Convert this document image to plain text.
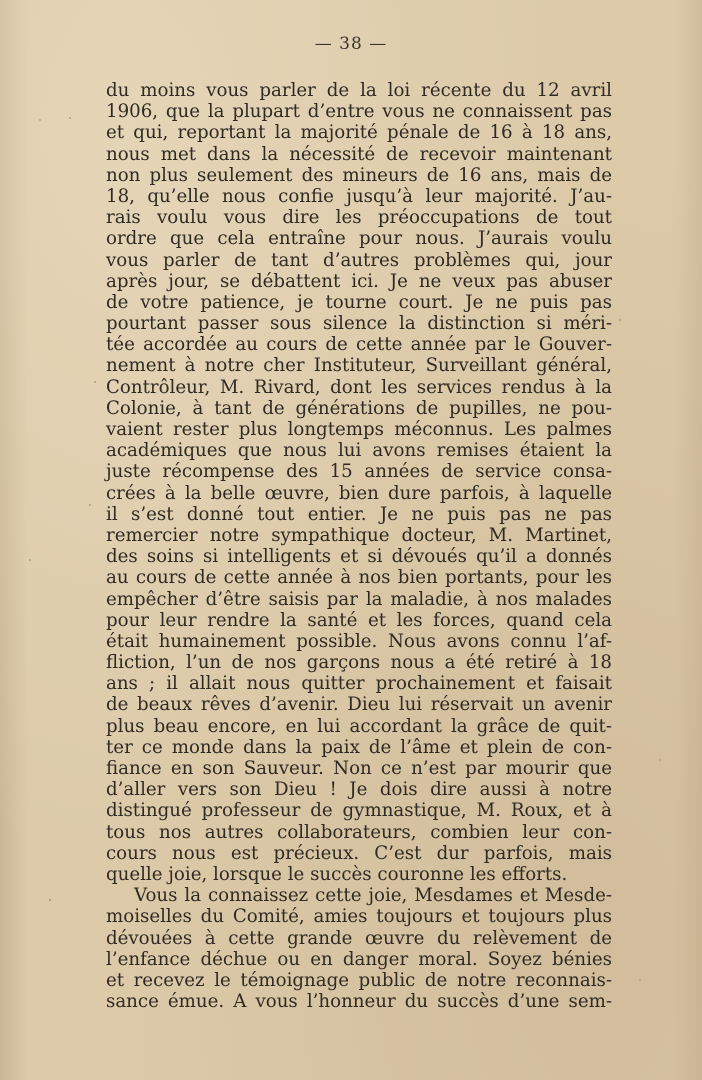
— 38 —
du moins vous parler de la loi récente du 12 avril
1906, que la plupart d’entre vous ne connaissent pas
et qui, reportant la majorité pénale de 16 à 18 ans,
nous met dans la nécessité de recevoir maintenant
non plus seulement des mineurs de 16 ans, mais de
18, qu’elle nous confie jusqu’à leur majorité. J’au-
rais voulu vous dire les préoccupations de tout
ordre que cela entraîne pour nous. J’aurais voulu
vous parler de tant d’autres problèmes qui, jour
après jour, se débattent ici. Je ne veux pas abuser
de votre patience, je tourne court. Je ne puis pas
pourtant passer sous silence la distinction si méri-
tée accordée au cours de cette année par le Gouver-
nement à notre cher Instituteur, Surveillant général,
Contrôleur, M. Rivard, dont les services rendus à la
Colonie, à tant de générations de pupilles, ne pou-
vaient rester plus longtemps méconnus. Les palmes
académiques que nous lui avons remises étaient la
juste récompense des 15 années de service consa-
crées à la belle œuvre, bien dure parfois, à laquelle
il s’est donné tout entier. Je ne puis pas ne pas
remercier notre sympathique docteur, M. Martinet,
des soins si intelligents et si dévoués qu’il a donnés
au cours de cette année à nos bien portants, pour les
empêcher d’être saisis par la maladie, à nos malades
pour leur rendre la santé et les forces, quand cela
était humainement possible. Nous avons connu l’af-
fliction, l’un de nos garçons nous a été retiré à 18
ans ; il allait nous quitter prochainement et faisait
de beaux rêves d’avenir. Dieu lui réservait un avenir
plus beau encore, en lui accordant la grâce de quit-
ter ce monde dans la paix de l’âme et plein de con-
fiance en son Sauveur. Non ce n’est par mourir que
d’aller vers son Dieu ! Je dois dire aussi à notre
distingué professeur de gymnastique, M. Roux, et à
tous nos autres collaborateurs, combien leur con-
cours nous est précieux. C’est dur parfois, mais
quelle joie, lorsque le succès couronne les efforts.
Vous la connaissez cette joie, Mesdames et Mesde-
moiselles du Comité, amies toujours et toujours plus
dévouées à cette grande œuvre du relèvement de
l’enfance déchue ou en danger moral. Soyez bénies
et recevez le témoignage public de notre reconnais-
sance émue. A vous l’honneur du succès d’une sem-
